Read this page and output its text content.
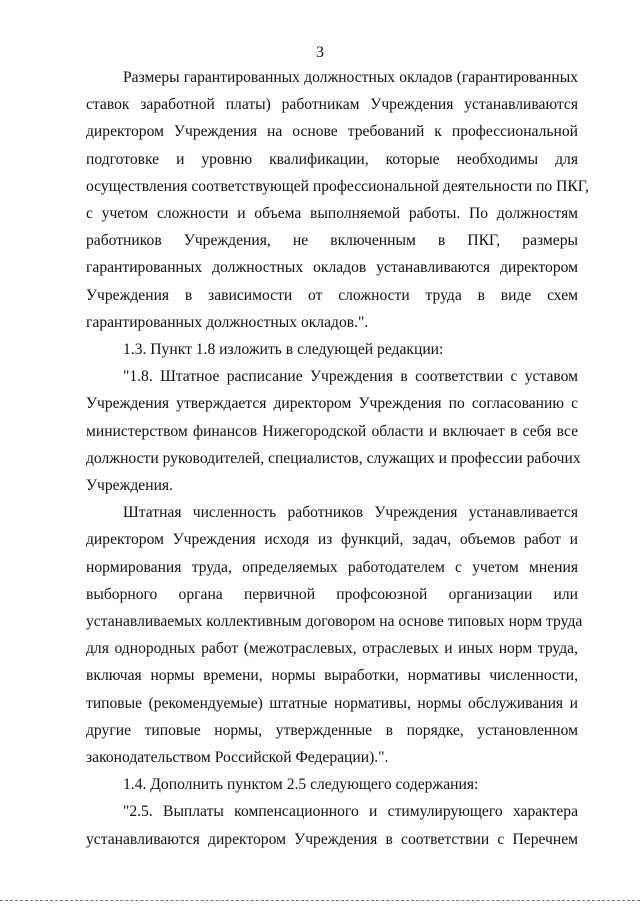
3

Размеры гарантированных должностных окладов (гарантированных
ставок заработной платы) работникам Учреждения устанавливаются
директором Учреждения на основе требований к профессиональной
подготовке и уровню квалификации, которые необходимы для
осуществления соответствующей профессиональной деятельности по ПКГ,
с учетом сложности и объема выполняемой работы. По должностям
работников Учреждения, не включенным в ПКГ, размеры
гарантированных должностных окладов устанавливаются директором
Учреждения в зависимости от сложности труда в виде схем
гарантированных должностных окладов.".

1.3. Пункт 1.8 изложить в следующей редакции:

"1.8. Штатное расписание Учреждения в соответствии с уставом
Учреждения утверждается директором Учреждения по согласованию с
министерством финансов Нижегородской области и включает в себя все
должности руководителей, специалистов, служащих и профессии рабочих
Учреждения.

Штатная численность работников Учреждения устанавливается
директором Учреждения исходя из функций, задач, объемов работ и
нормирования труда, определяемых работодателем с учетом мнения
выборного органа первичной профсоюзной организации или
устанавливаемых коллективным договором на основе типовых норм труда
для однородных работ (межотраслевых, отраслевых и иных норм труда,
включая нормы времени, нормы выработки, нормативы численности,
типовые (рекомендуемые) штатные нормативы, нормы обслуживания и
другие типовые нормы, утвержденные в порядке, установленном
законодательством Российской Федерации).".

1.4. Дополнить пунктом 2.5 следующего содержания:

"2.5. Выплаты компенсационного и стимулирующего характера
устанавливаются директором Учреждения в соответствии с Перечнем
